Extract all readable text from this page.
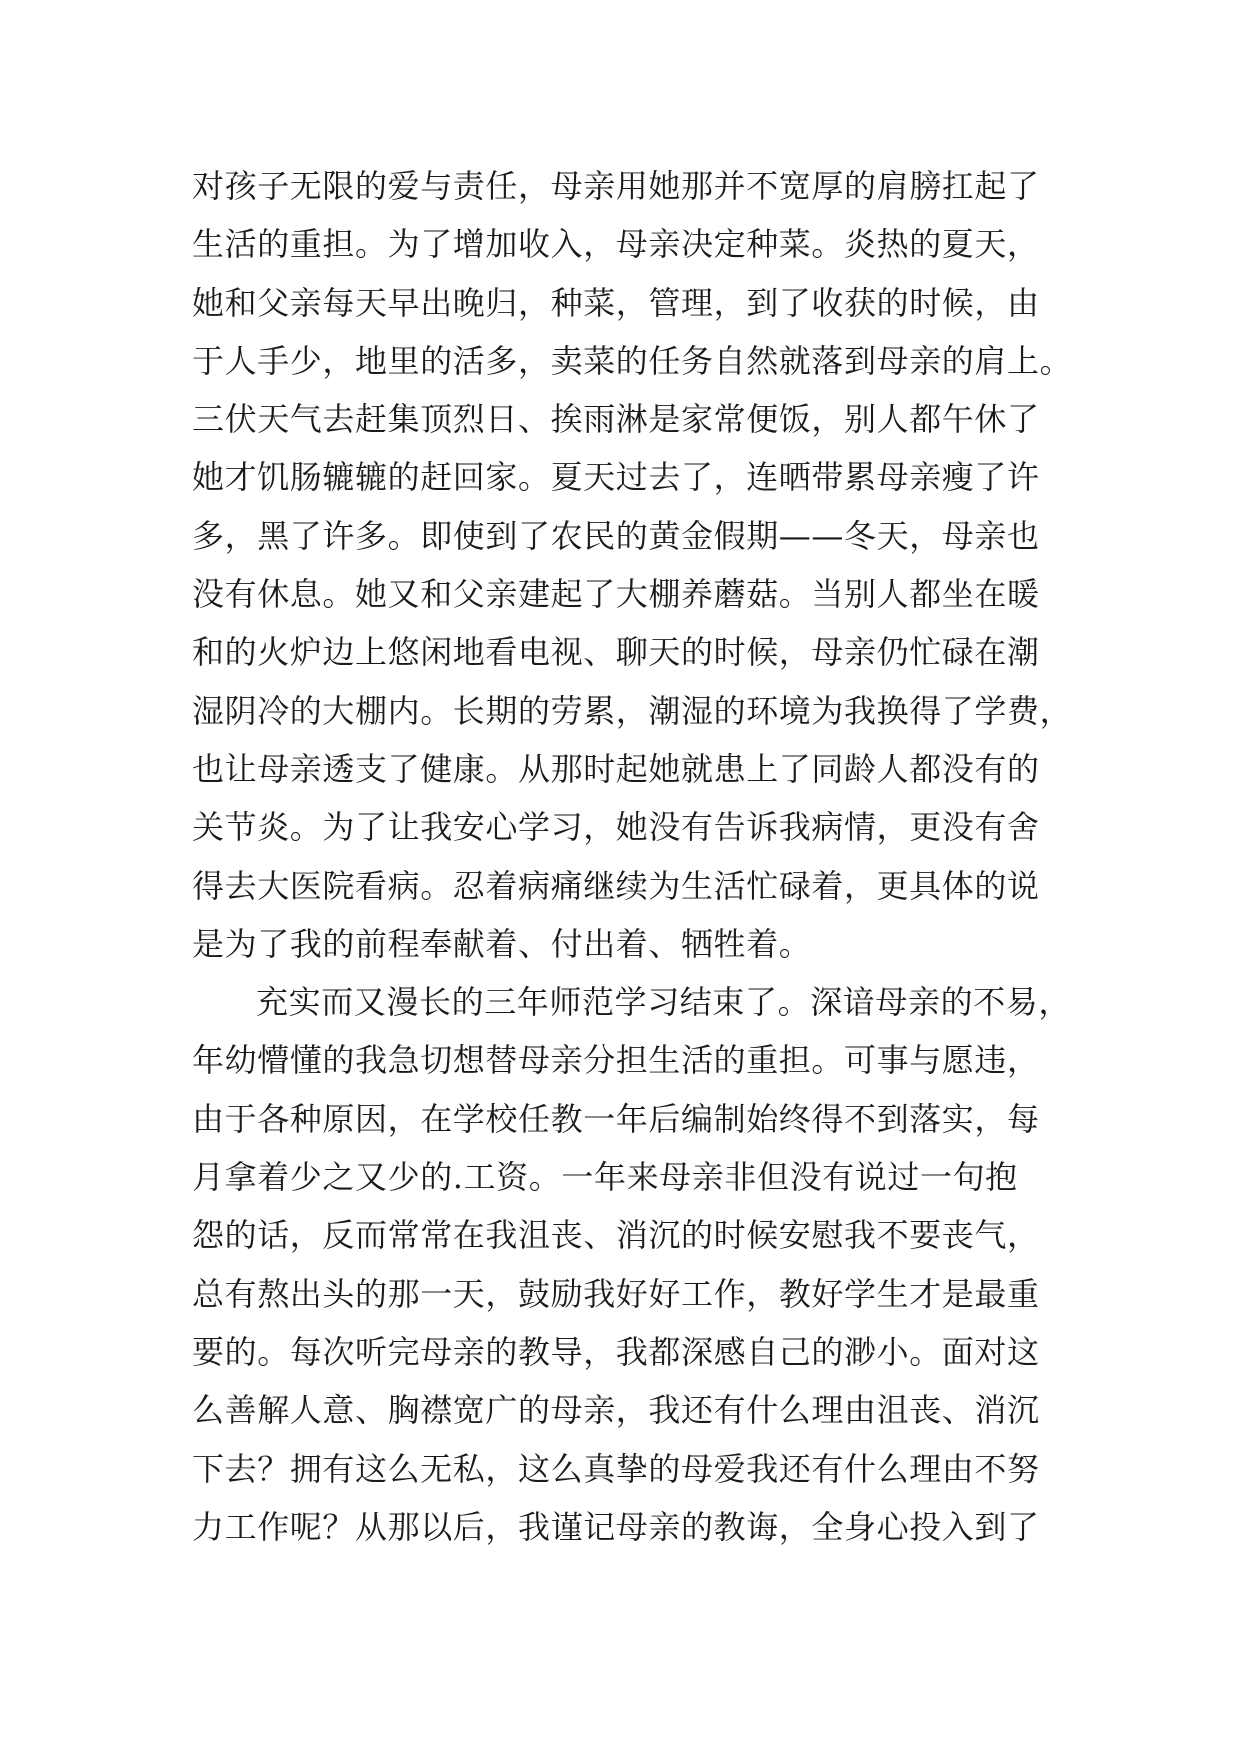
对孩子无限的爱与责任，母亲用她那并不宽厚的肩膀扛起了
生活的重担。为了增加收入，母亲决定种菜。炎热的夏天，
她和父亲每天早出晚归，种菜，管理，到了收获的时候，由
于人手少，地里的活多，卖菜的任务自然就落到母亲的肩上。
三伏天气去赶集顶烈日、挨雨淋是家常便饭，别人都午休了
她才饥肠辘辘的赶回家。夏天过去了，连晒带累母亲瘦了许
多，黑了许多。即使到了农民的黄金假期——冬天，母亲也
没有休息。她又和父亲建起了大棚养蘑菇。当别人都坐在暖
和的火炉边上悠闲地看电视、聊天的时候，母亲仍忙碌在潮
湿阴冷的大棚内。长期的劳累，潮湿的环境为我换得了学费，
也让母亲透支了健康。从那时起她就患上了同龄人都没有的
关节炎。为了让我安心学习，她没有告诉我病情，更没有舍
得去大医院看病。忍着病痛继续为生活忙碌着，更具体的说
是为了我的前程奉献着、付出着、牺牲着。
充实而又漫长的三年师范学习结束了。深谙母亲的不易，
年幼懵懂的我急切想替母亲分担生活的重担。可事与愿违，
由于各种原因，在学校任教一年后编制始终得不到落实，每
月拿着少之又少的.工资。一年来母亲非但没有说过一句抱
怨的话，反而常常在我沮丧、消沉的时候安慰我不要丧气，
总有熬出头的那一天，鼓励我好好工作，教好学生才是最重
要的。每次听完母亲的教导，我都深感自己的渺小。面对这
么善解人意、胸襟宽广的母亲，我还有什么理由沮丧、消沉
下去？拥有这么无私，这么真挚的母爱我还有什么理由不努
力工作呢？从那以后，我谨记母亲的教诲，全身心投入到了
